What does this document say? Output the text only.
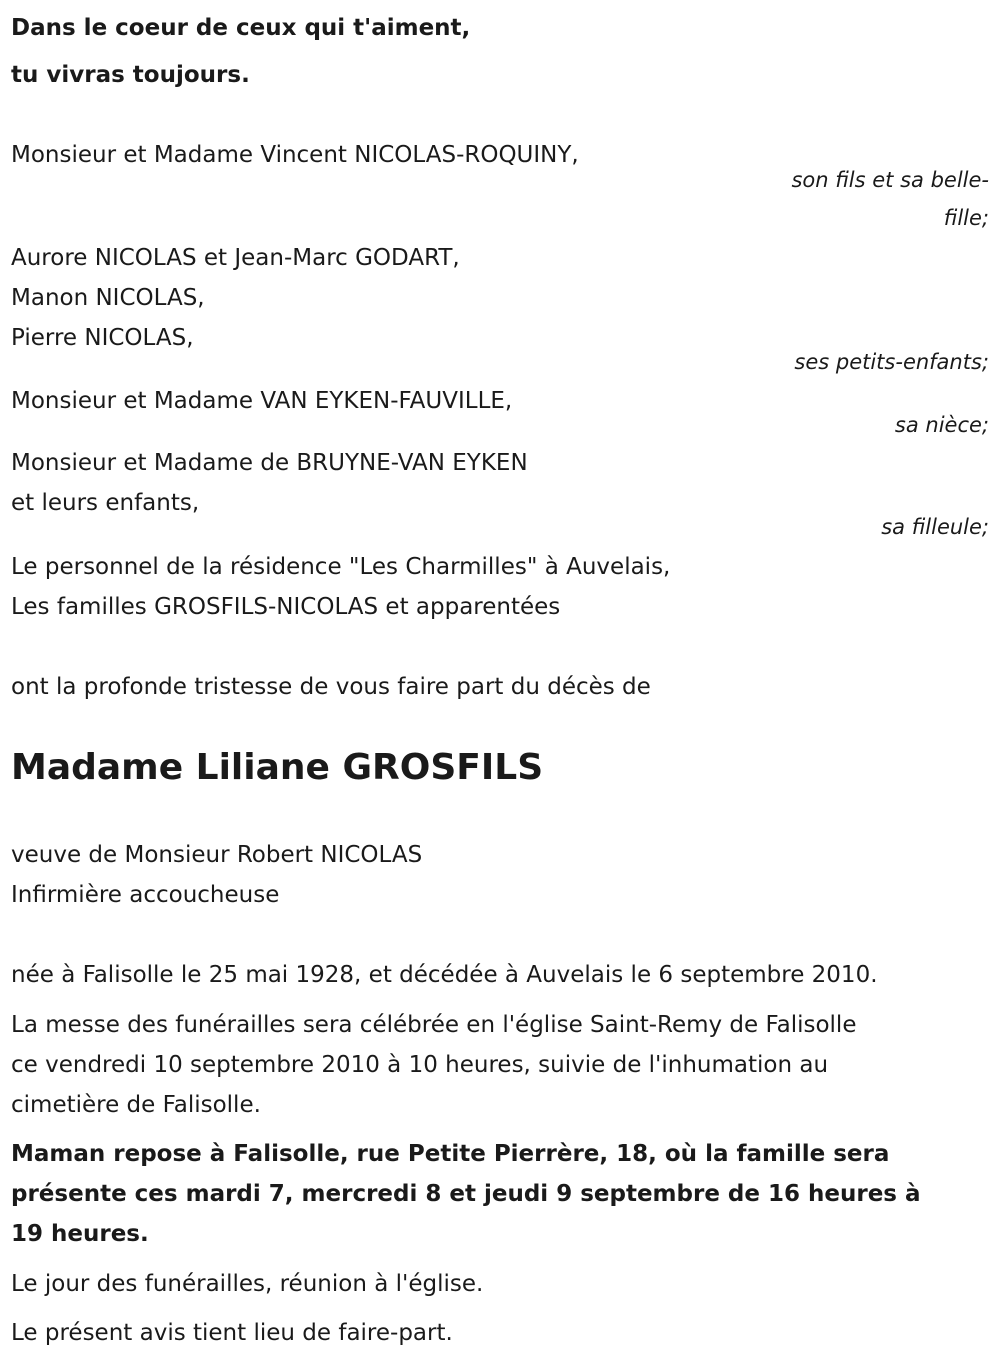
Dans le coeur de ceux qui t'aiment,
tu vivras toujours.
Monsieur et Madame Vincent NICOLAS-ROQUINY,
son fils et sa belle-
fille;
Aurore NICOLAS et Jean-Marc GODART,
Manon NICOLAS,
Pierre NICOLAS,
ses petits-enfants;
Monsieur et Madame VAN EYKEN-FAUVILLE,
sa nièce;
Monsieur et Madame de BRUYNE-VAN EYKEN
et leurs enfants,
sa filleule;
Le personnel de la résidence "Les Charmilles" à Auvelais,
Les familles GROSFILS-NICOLAS et apparentées
ont la profonde tristesse de vous faire part du décès de
Madame Liliane GROSFILS
veuve de Monsieur Robert NICOLAS
Infirmière accoucheuse
née à Falisolle le 25 mai 1928, et décédée à Auvelais le 6 septembre 2010.
La messe des funérailles sera célébrée en l'église Saint-Remy de Falisolle
ce vendredi 10 septembre 2010 à 10 heures, suivie de l'inhumation au
cimetière de Falisolle.
Maman repose à Falisolle, rue Petite Pierrère, 18, où la famille sera
présente ces mardi 7, mercredi 8 et jeudi 9 septembre de 16 heures à
19 heures.
Le jour des funérailles, réunion à l'église.
Le présent avis tient lieu de faire-part.
